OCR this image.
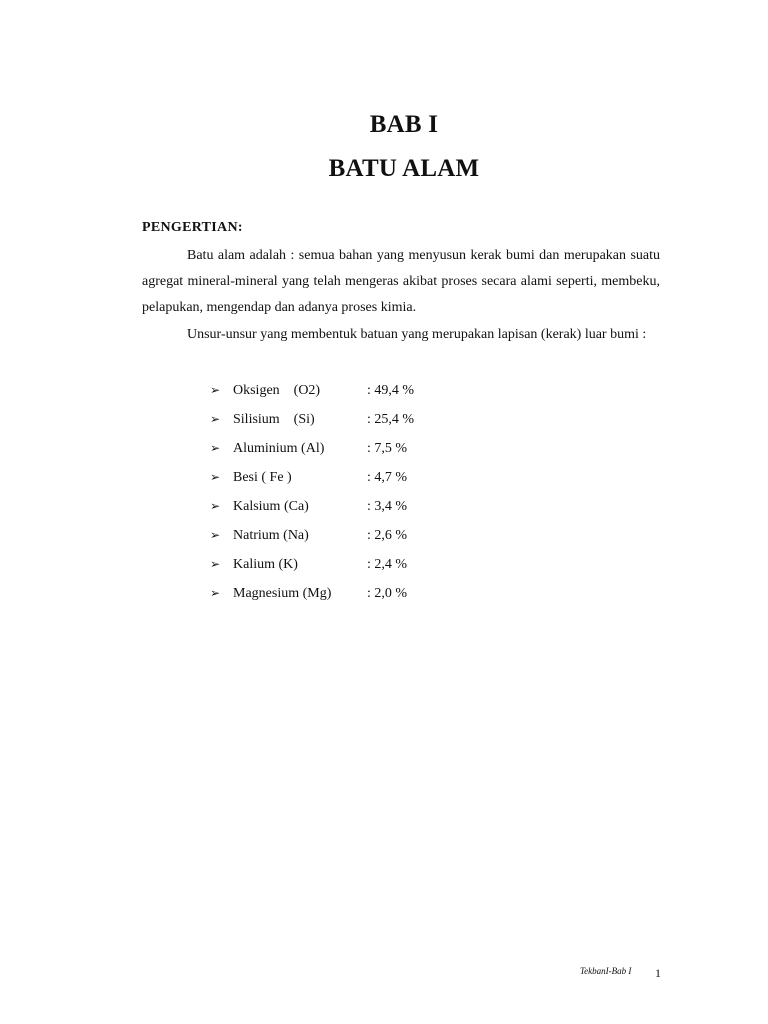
BAB I
BATU ALAM
PENGERTIAN:
Batu alam adalah : semua bahan yang menyusun kerak bumi dan merupakan suatu agregat mineral-mineral yang telah mengeras akibat proses secara alami seperti, membeku, pelapukan, mengendap dan adanya proses kimia.
Unsur-unsur yang membentuk batuan yang merupakan lapisan (kerak) luar bumi :
➢ Oksigen    (O2)	: 49,4 %
➢ Silisium    (Si)	: 25,4 %
➢ Aluminium (Al)	: 7,5 %
➢ Besi ( Fe )	: 4,7 %
➢ Kalsium (Ca)	: 3,4 %
➢ Natrium (Na)	: 2,6 %
➢ Kalium (K)	: 2,4 %
➢ Magnesium (Mg)	: 2,0 %
TekbanI-Bab I 1
